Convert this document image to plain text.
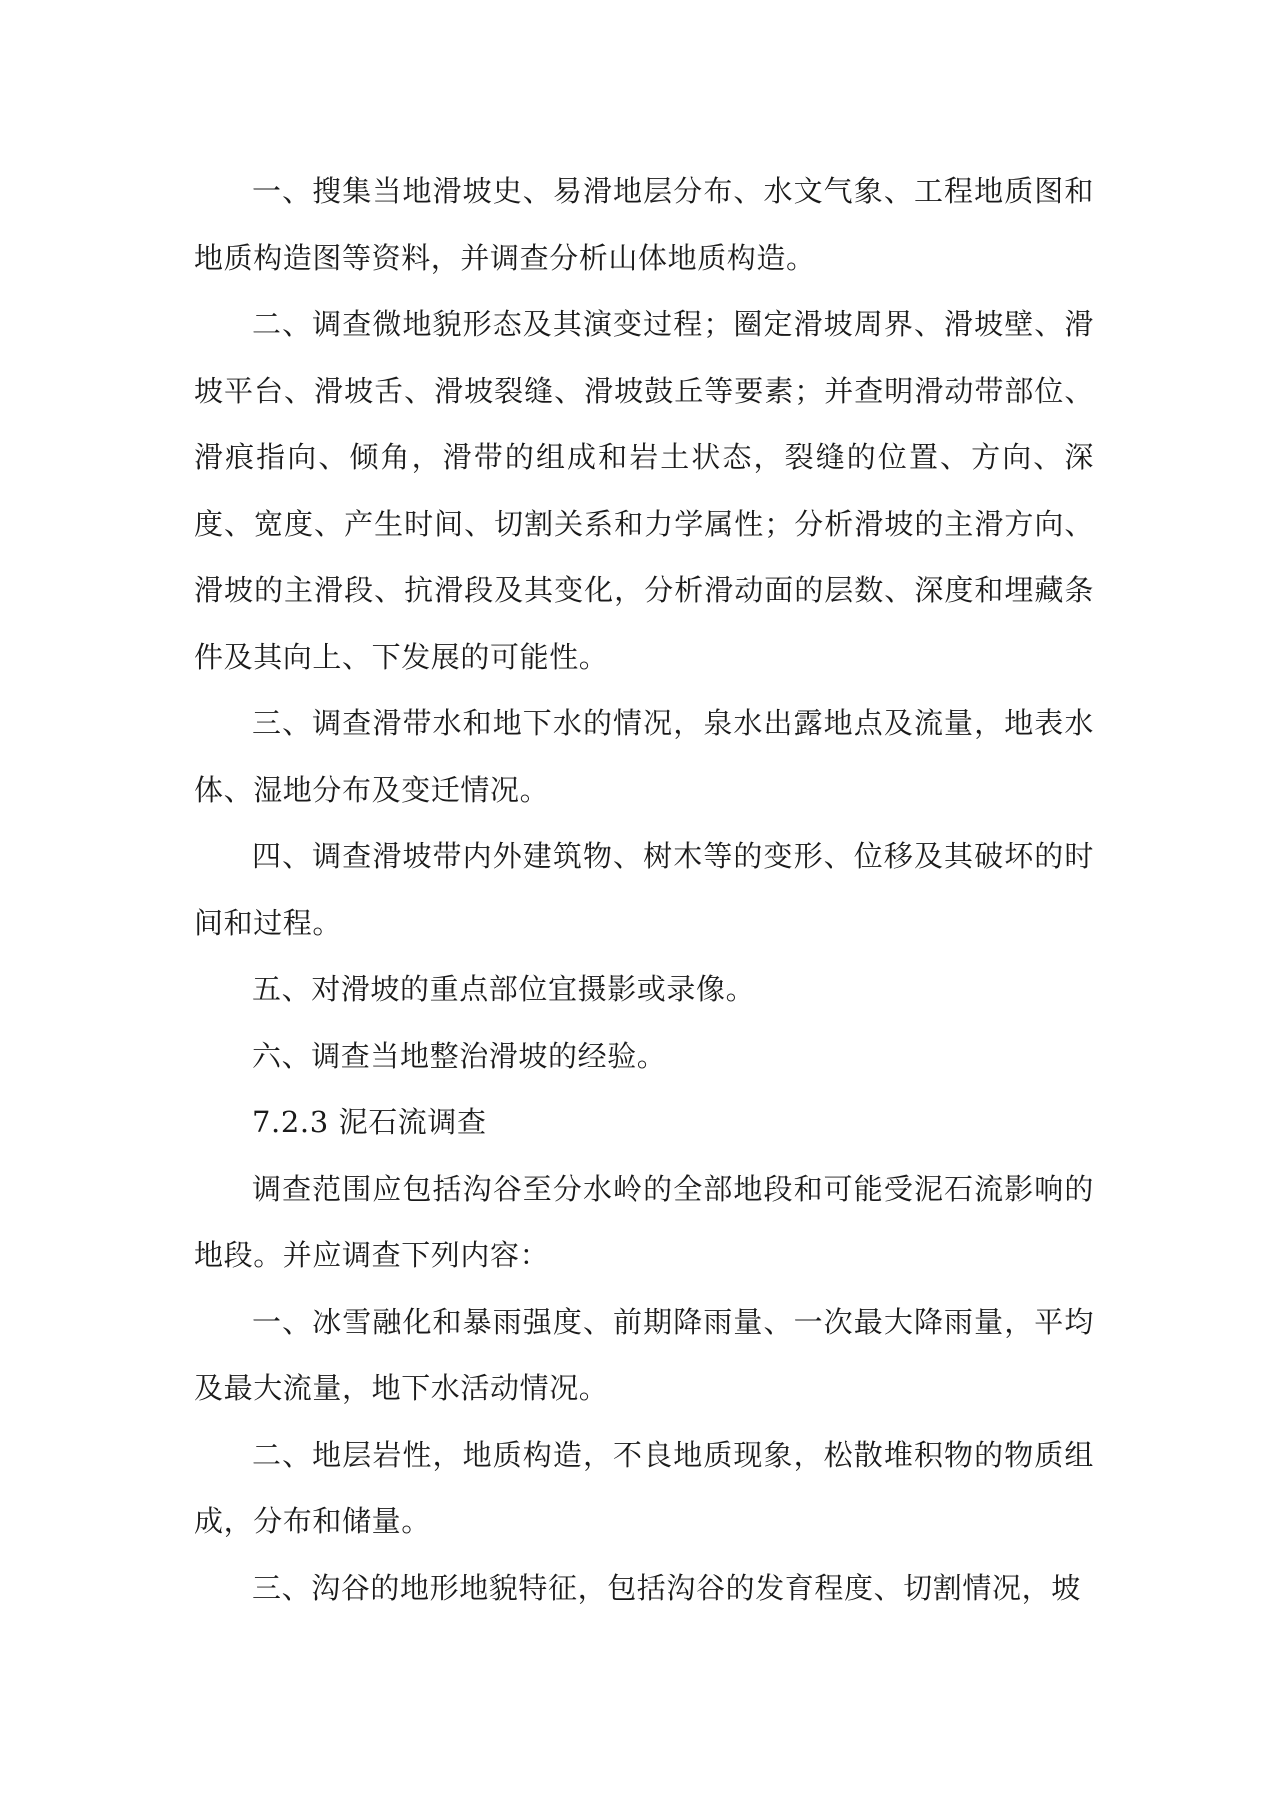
一、搜集当地滑坡史、易滑地层分布、水文气象、工程地质图和地质构造图等资料，并调查分析山体地质构造。

二、调查微地貌形态及其演变过程；圈定滑坡周界、滑坡壁、滑坡平台、滑坡舌、滑坡裂缝、滑坡鼓丘等要素；并查明滑动带部位、滑痕指向、倾角，滑带的组成和岩土状态，裂缝的位置、方向、深度、宽度、产生时间、切割关系和力学属性；分析滑坡的主滑方向、滑坡的主滑段、抗滑段及其变化，分析滑动面的层数、深度和埋藏条件及其向上、下发展的可能性。

三、调查滑带水和地下水的情况，泉水出露地点及流量，地表水体、湿地分布及变迁情况。

四、调查滑坡带内外建筑物、树木等的变形、位移及其破坏的时间和过程。

五、对滑坡的重点部位宜摄影或录像。

六、调查当地整治滑坡的经验。

7.2.3 泥石流调查

调查范围应包括沟谷至分水岭的全部地段和可能受泥石流影响的地段。并应调查下列内容：

一、冰雪融化和暴雨强度、前期降雨量、一次最大降雨量，平均及最大流量，地下水活动情况。

二、地层岩性，地质构造，不良地质现象，松散堆积物的物质组成，分布和储量。

三、沟谷的地形地貌特征，包括沟谷的发育程度、切割情况，坡
